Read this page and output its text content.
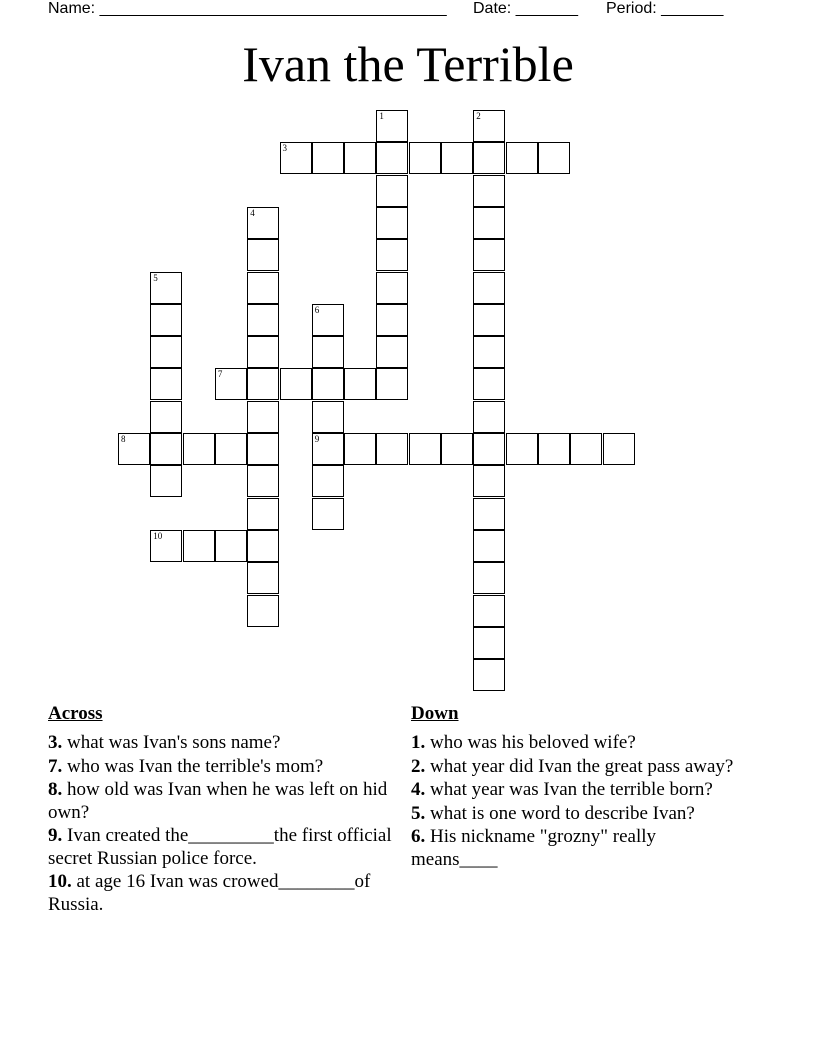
Name: _______________________________________ Date: _______ Period: _______
Ivan the Terrible
1	2
3
4
5
6
9
7
8
10
Across
3. what was Ivan's sons name?
7. who was Ivan the terrible's mom?
8. how old was Ivan when he was left on hid own?
9. Ivan created the_________the first official secret Russian police force.
10. at age 16 Ivan was crowed________of Russia.
Down
1. who was his beloved wife?
2. what year did Ivan the great pass away?
4. what year was Ivan the terrible born?
5. what is one word to describe Ivan?
6. His nickname "grozny" really means____
